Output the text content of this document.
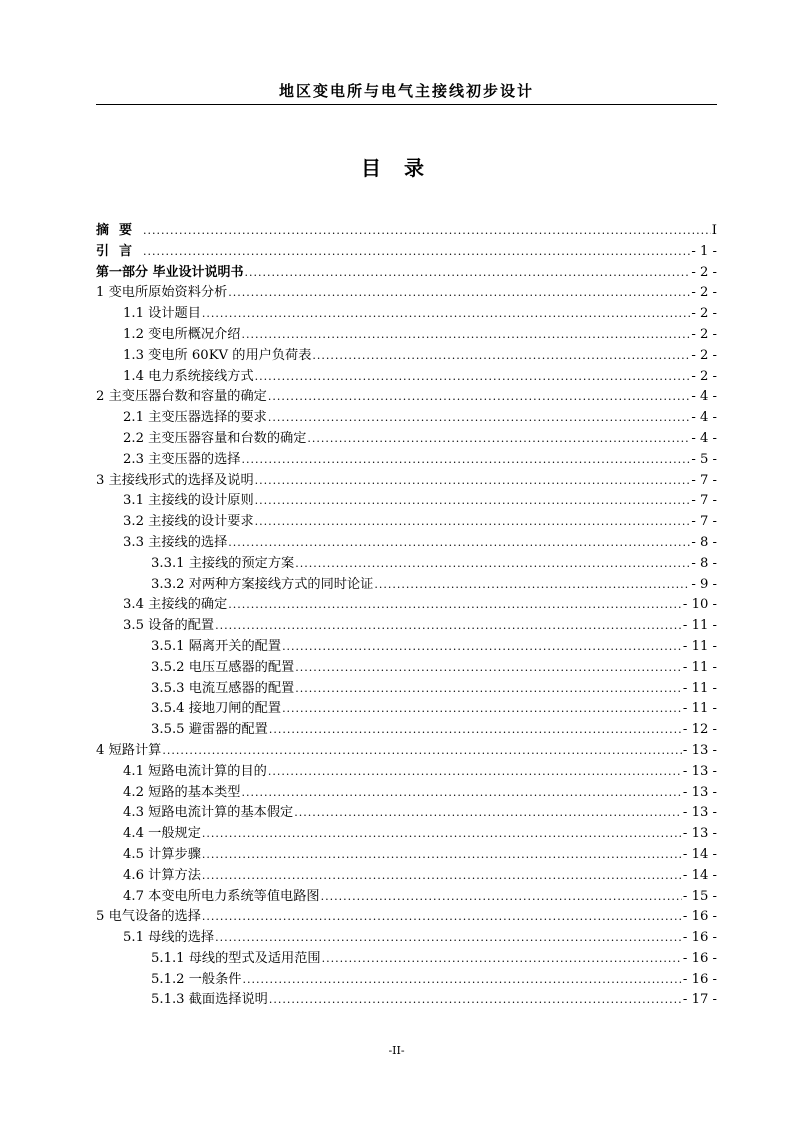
地区变电所与电气主接线初步设计
目 录
摘要 .....	I
引言 .....	- 1 -
第一部分 毕业设计说明书 .....	- 2 -
1 变电所原始资料分析 .....	- 2 -
1.1 设计题目 .....	- 2 -
1.2 变电所概况介绍 .....	- 2 -
1.3 变电所 60KV 的用户负荷表 .....	- 2 -
1.4 电力系统接线方式 .....	- 2 -
2 主变压器台数和容量的确定 .....	- 4 -
2.1 主变压器选择的要求 .....	- 4 -
2.2 主变压器容量和台数的确定 .....	- 4 -
2.3 主变压器的选择 .....	- 5 -
3 主接线形式的选择及说明 .....	- 7 -
3.1 主接线的设计原则 .....	- 7 -
3.2 主接线的设计要求 .....	- 7 -
3.3 主接线的选择 .....	- 8 -
3.3.1 主接线的预定方案 .....	- 8 -
3.3.2 对两种方案接线方式的同时论证 .....	- 9 -
3.4 主接线的确定 .....	- 10 -
3.5 设备的配置 .....	- 11 -
3.5.1 隔离开关的配置 .....	- 11 -
3.5.2 电压互感器的配置 .....	- 11 -
3.5.3 电流互感器的配置 .....	- 11 -
3.5.4 接地刀闸的配置 .....	- 11 -
3.5.5 避雷器的配置 .....	- 12 -
4 短路计算 .....	- 13 -
4.1 短路电流计算的目的 .....	- 13 -
4.2 短路的基本类型 .....	- 13 -
4.3 短路电流计算的基本假定 .....	- 13 -
4.4 一般规定 .....	- 13 -
4.5 计算步骤 .....	- 14 -
4.6 计算方法 .....	- 14 -
4.7 本变电所电力系统等值电路图 .....	- 15 -
5 电气设备的选择 .....	- 16 -
5.1 母线的选择 .....	- 16 -
5.1.1 母线的型式及适用范围 .....	- 16 -
5.1.2 一般条件 .....	- 16 -
5.1.3 截面选择说明 .....	- 17 -
-II-
